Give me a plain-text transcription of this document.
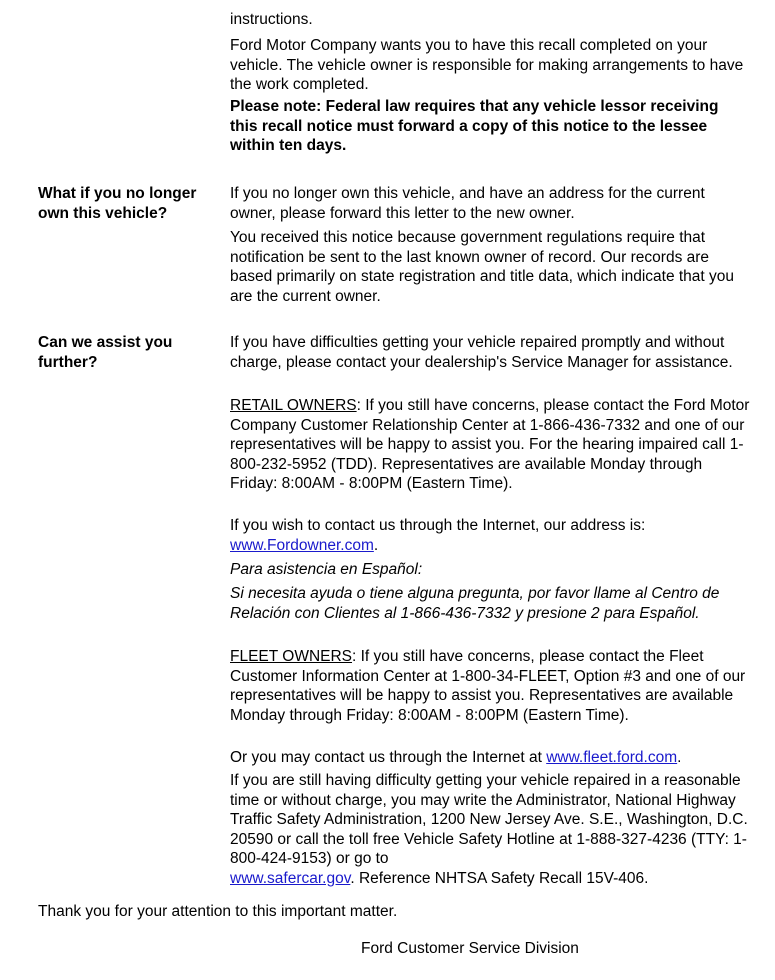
instructions.

Ford Motor Company wants you to have this recall completed on your vehicle. The vehicle owner is responsible for making arrangements to have the work completed.

Please note: Federal law requires that any vehicle lessor receiving this recall notice must forward a copy of this notice to the lessee within ten days.

What if you no longer own this vehicle?

If you no longer own this vehicle, and have an address for the current owner, please forward this letter to the new owner.

You received this notice because government regulations require that notification be sent to the last known owner of record. Our records are based primarily on state registration and title data, which indicate that you are the current owner.

Can we assist you further?

If you have difficulties getting your vehicle repaired promptly and without charge, please contact your dealership's Service Manager for assistance.

RETAIL OWNERS: If you still have concerns, please contact the Ford Motor Company Customer Relationship Center at 1-866-436-7332 and one of our representatives will be happy to assist you. For the hearing impaired call 1-800-232-5952 (TDD). Representatives are available Monday through Friday: 8:00AM - 8:00PM (Eastern Time).

If you wish to contact us through the Internet, our address is:
www.Fordowner.com.

Para asistencia en Español:

Si necesita ayuda o tiene alguna pregunta, por favor llame al Centro de Relación con Clientes al 1-866-436-7332 y presione 2 para Español.

FLEET OWNERS: If you still have concerns, please contact the Fleet Customer Information Center at 1-800-34-FLEET, Option #3 and one of our representatives will be happy to assist you. Representatives are available Monday through Friday: 8:00AM - 8:00PM (Eastern Time).

Or you may contact us through the Internet at www.fleet.ford.com.

If you are still having difficulty getting your vehicle repaired in a reasonable time or without charge, you may write the Administrator, National Highway Traffic Safety Administration, 1200 New Jersey Ave. S.E., Washington, D.C. 20590 or call the toll free Vehicle Safety Hotline at 1-888-327-4236 (TTY: 1-800-424-9153) or go to
www.safercar.gov. Reference NHTSA Safety Recall 15V-406.

Thank you for your attention to this important matter.

Ford Customer Service Division
